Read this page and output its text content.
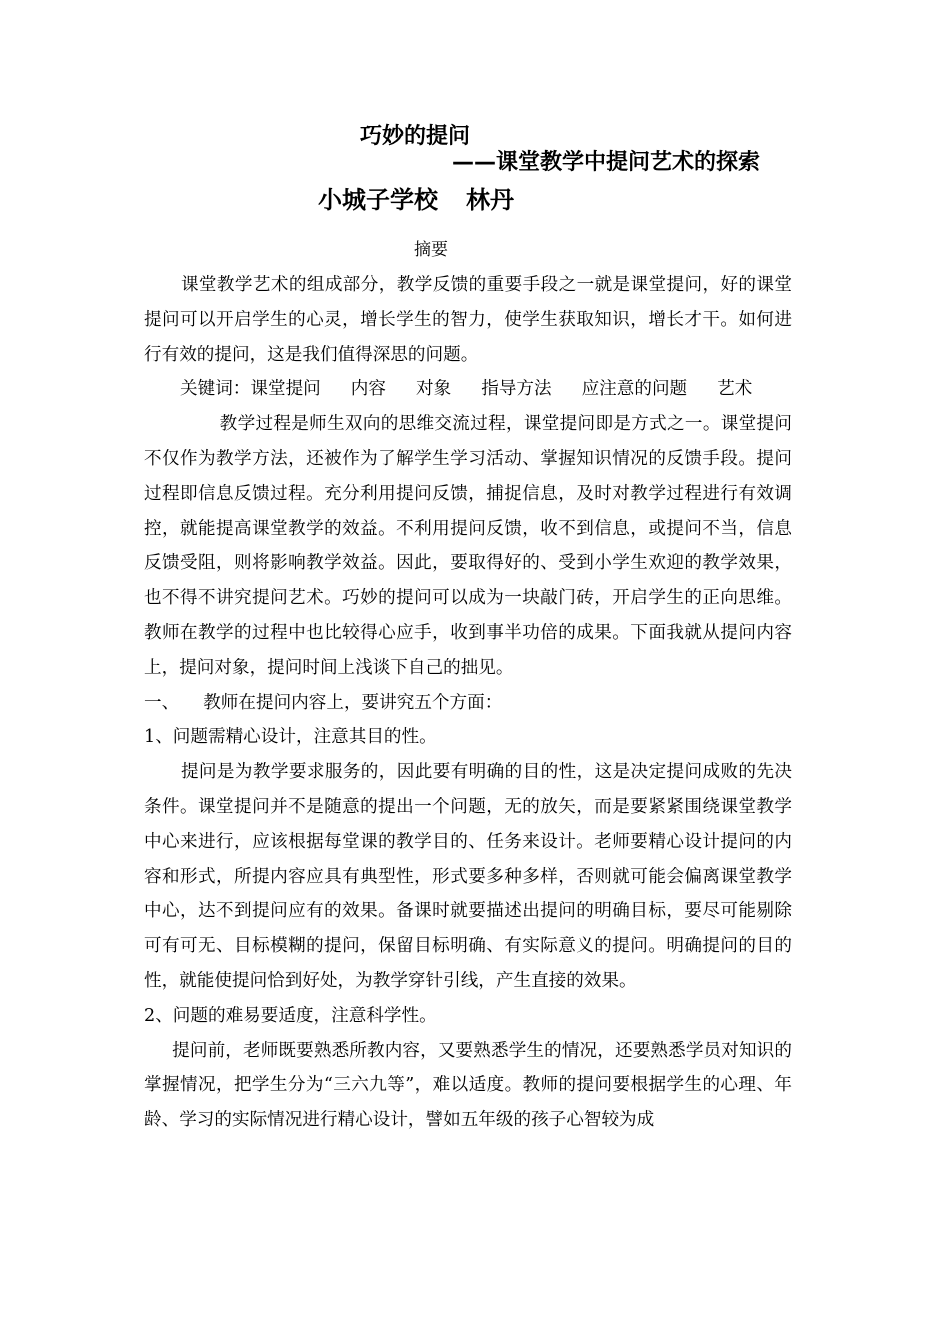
巧妙的提问
——课堂教学中提问艺术的探索
小城子学校 林丹
摘要

课堂教学艺术的组成部分，教学反馈的重要手段之一就是课堂提问，好的课堂提问可以开启学生的心灵，增长学生的智力，使学生获取知识，增长才干。如何进行有效的提问，这是我们值得深思的问题。

关键词：课堂提问 内容 对象 指导方法 应注意的问题 艺术

教学过程是师生双向的思维交流过程，课堂提问即是方式之一。课堂提问不仅作为教学方法，还被作为了解学生学习活动、掌握知识情况的反馈手段。提问过程即信息反馈过程。充分利用提问反馈，捕捉信息，及时对教学过程进行有效调控，就能提高课堂教学的效益。不利用提问反馈，收不到信息，或提问不当，信息反馈受阻，则将影响教学效益。因此，要取得好的、受到小学生欢迎的教学效果，也不得不讲究提问艺术。巧妙的提问可以成为一块敲门砖，开启学生的正向思维。教师在教学的过程中也比较得心应手，收到事半功倍的成果。下面我就从提问内容上，提问对象，提问时间上浅谈下自己的拙见。

一、 教师在提问内容上，要讲究五个方面：

1、问题需精心设计，注意其目的性。

提问是为教学要求服务的，因此要有明确的目的性，这是决定提问成败的先决条件。课堂提问并不是随意的提出一个问题，无的放矢，而是要紧紧围绕课堂教学中心来进行，应该根据每堂课的教学目的、任务来设计。老师要精心设计提问的内容和形式，所提内容应具有典型性，形式要多种多样，否则就可能会偏离课堂教学中心，达不到提问应有的效果。备课时就要描述出提问的明确目标，要尽可能剔除可有可无、目标模糊的提问，保留目标明确、有实际意义的提问。明确提问的目的性，就能使提问恰到好处，为教学穿针引线，产生直接的效果。

2、问题的难易要适度，注意科学性。

提问前，老师既要熟悉所教内容，又要熟悉学生的情况，还要熟悉学员对知识的掌握情况，把学生分为“三六九等”，难以适度。教师的提问要根据学生的心理、年龄、学习的实际情况进行精心设计，譬如五年级的孩子心智较为成
